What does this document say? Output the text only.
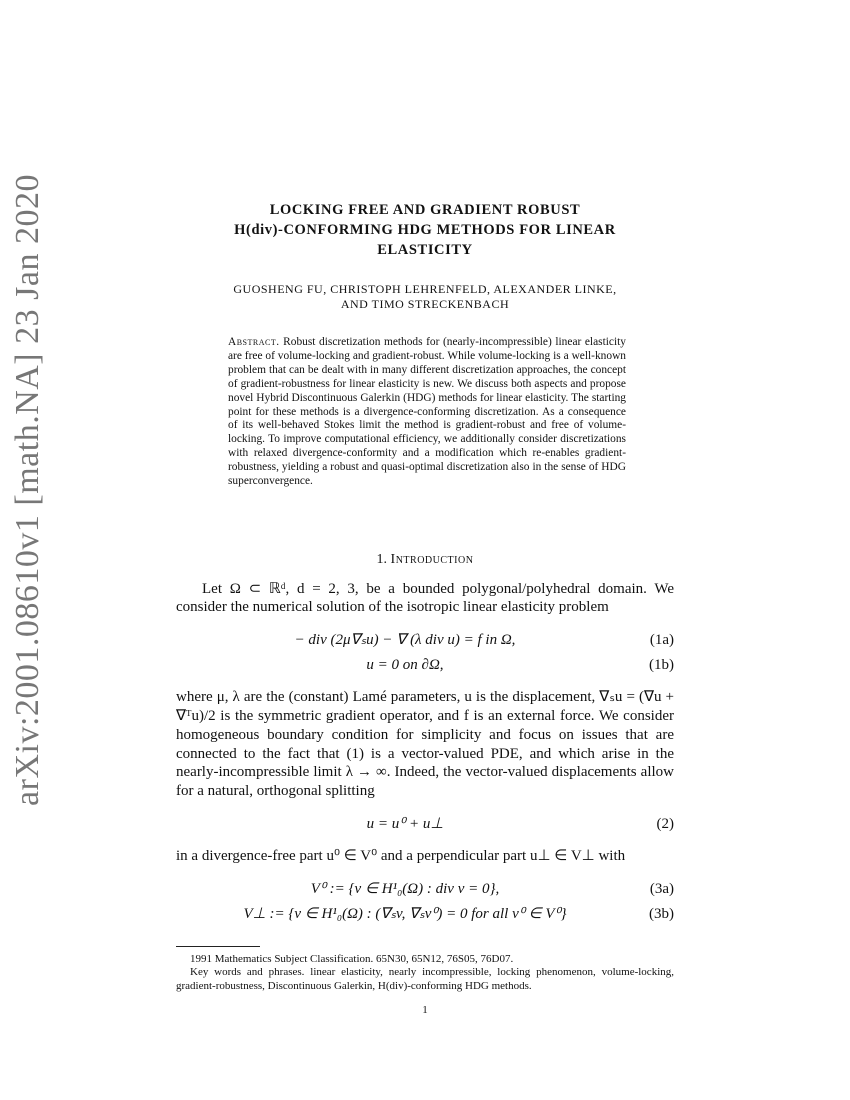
arXiv:2001.08610v1 [math.NA] 23 Jan 2020	LOCKING FREE AND GRADIENT ROBUST
H(div)-CONFORMING HDG METHODS FOR LINEAR
ELASTICITY
GUOSHENG FU, CHRISTOPH LEHRENFELD, ALEXANDER LINKE,
AND TIMO STRECKENBACH
Abstract. Robust discretization methods for (nearly-incompressible) linear elasticity are free of volume-locking and gradient-robust. While volume-locking is a well-known problem that can be dealt with in many different discretization approaches, the concept of gradient-robustness for linear elasticity is new. We discuss both aspects and propose novel Hybrid Discontinuous Galerkin (HDG) methods for linear elasticity. The starting point for these methods is a divergence-conforming discretization. As a consequence of its well-behaved Stokes limit the method is gradient-robust and free of volume-locking. To improve computational efficiency, we additionally consider discretizations with relaxed divergence-conformity and a modification which re-enables gradient-robustness, yielding a robust and quasi-optimal discretization also in the sense of HDG superconvergence.
1. Introduction

Let Ω ⊂ ℝᵈ, d = 2, 3, be a bounded polygonal/polyhedral domain. We consider the numerical solution of the isotropic linear elasticity problem

− div (2μ∇ₛu) − ∇ (λ div u) = f in Ω,	(1a)
u = 0 on ∂Ω,	(1b)

where μ, λ are the (constant) Lamé parameters, u is the displacement, ∇ₛu = (∇u + ∇ᵀu)/2 is the symmetric gradient operator, and f is an external force. We consider homogeneous boundary condition for simplicity and focus on issues that are connected to the fact that (1) is a vector-valued PDE, and which arise in the nearly-incompressible limit λ → ∞. Indeed, the vector-valued displacements allow for a natural, orthogonal splitting

u = u⁰ + u⊥	(2)

in a divergence-free part u⁰ ∈ V⁰ and a perpendicular part u⊥ ∈ V⊥ with

V⁰ := {v ∈ H¹₀(Ω) : div v = 0},	(3a)
V⊥ := {v ∈ H¹₀(Ω) : (∇ₛv, ∇ₛv⁰) = 0 for all v⁰ ∈ V⁰}	(3b)

1991 Mathematics Subject Classification. 65N30, 65N12, 76S05, 76D07.

Key words and phrases. linear elasticity, nearly incompressible, locking phenomenon, volume-locking, gradient-robustness, Discontinuous Galerkin, H(div)-conforming HDG methods.

1
